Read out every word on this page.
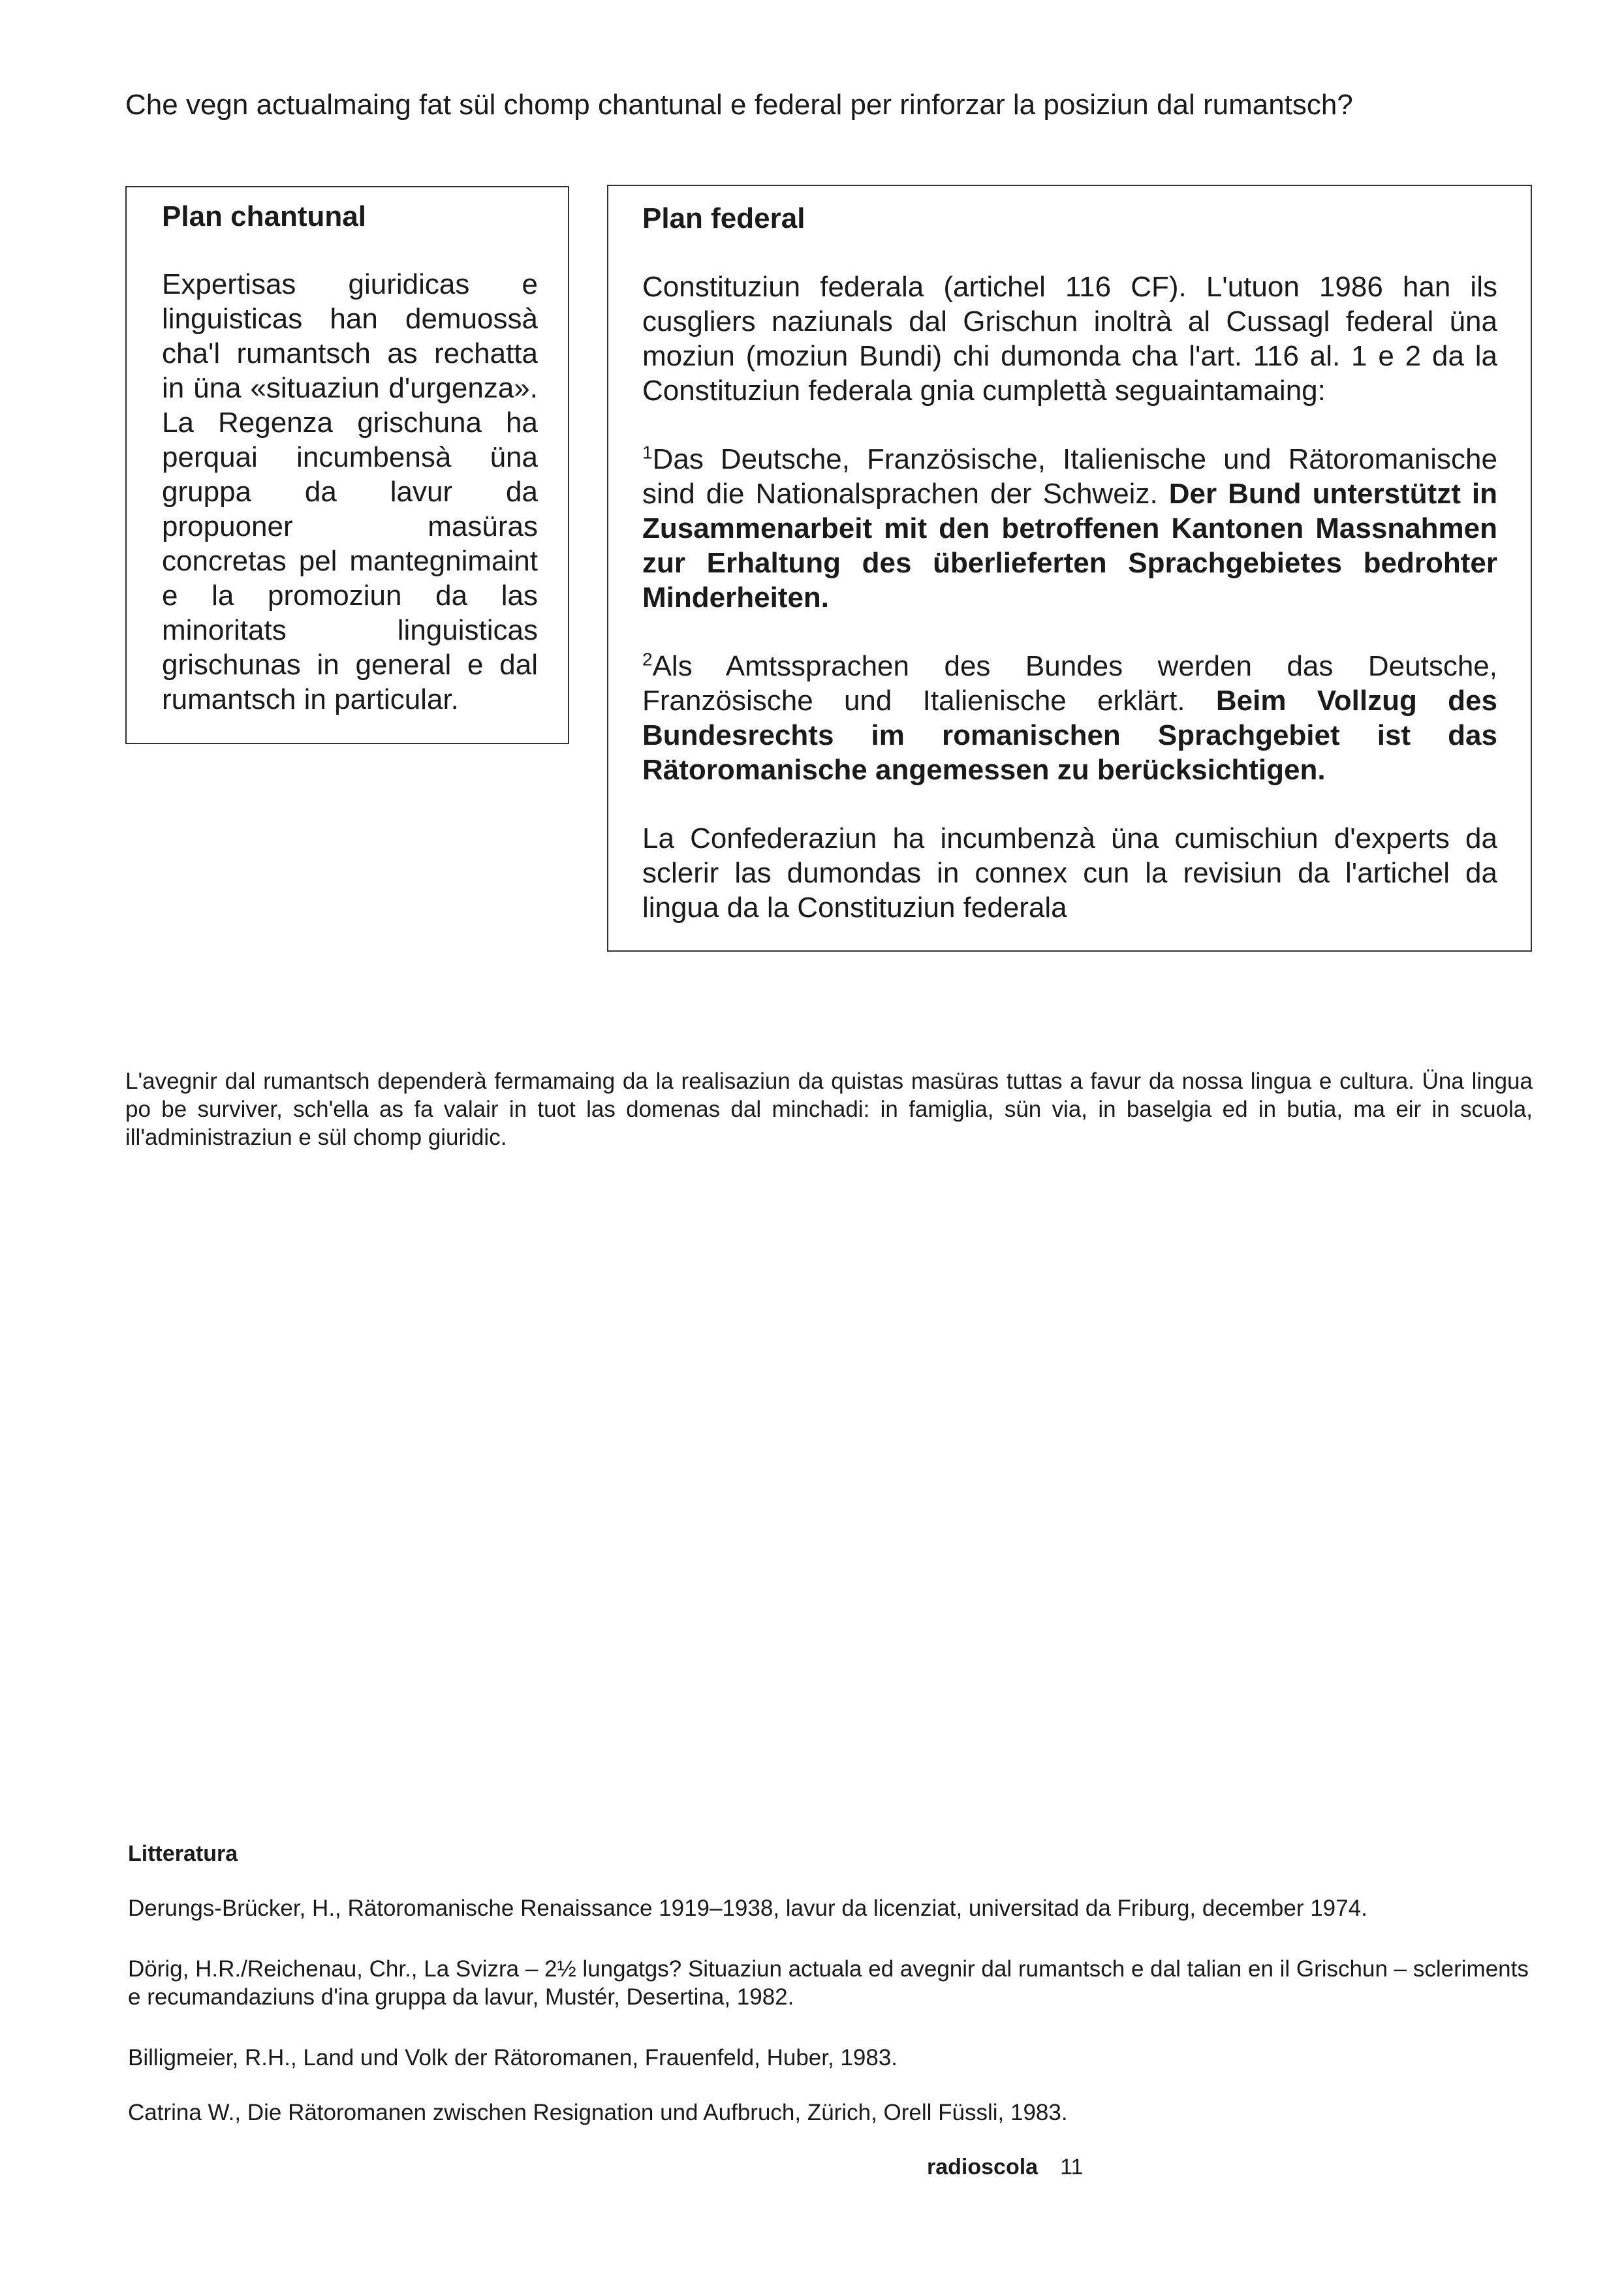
Che vegn actualmaing fat sül chomp chantunal e federal per rinforzar la posiziun dal rumantsch?
Plan chantunal
Expertisas giuridicas e linguisticas han demuossà cha'l rumantsch as rechatta in üna «situaziun d'urgenza». La Regenza grischuna ha perquai incumbensà üna gruppa da lavur da propuoner masüras concretas pel mantegnimaint e la promoziun da las minoritats linguisticas grischunas in general e dal rumantsch in particular.
Plan federal

Constituziun federala (artichel 116 CF). L'utuon 1986 han ils cusgliers naziunals dal Grischun inoltrà al Cussagl federal üna moziun (moziun Bundi) chi dumonda cha l'art. 116 al. 1 e 2 da la Constituziun federala gnia cumplettà seguaintamaing:

$^1$Das Deutsche, Französische, Italienische und Rätoromanische sind die Nationalsprachen der Schweiz. Der Bund unterstützt in Zusammenarbeit mit den betroffenen Kantonen Massnahmen zur Erhaltung des überlieferten Sprachgebietes bedrohter Minderheiten.

$^2$Als Amtssprachen des Bundes werden das Deutsche, Französische und Italienische erklärt. Beim Vollzug des Bundesrechts im romanischen Sprachgebiet ist das Rätoromanische angemessen zu berücksichtigen.

La Confederaziun ha incumbenzà üna cumischiun d'experts da sclerir las dumondas in connex cun la revisiun da l'artichel da lingua da la Constituziun federala

L'avegnir dal rumantsch dependerà fermamaing da la realisaziun da quistas masüras tuttas a favur da nossa lingua e cultura. Üna lingua po be surviver, sch'ella as fa valair in tuot las domenas dal minchadi: in famiglia, sün via, in baselgia ed in butia, ma eir in scuola, ill'administraziun e sül chomp giuridic.
Litteratura
Derungs-Brücker, H., Rätoromanische Renaissance 1919–1938, lavur da licenziat, universitad da Friburg, december 1974.
Dörig, H.R./Reichenau, Chr., La Svizra – 2½ lungatgs? Situaziun actuala ed avegnir dal rumantsch e dal talian en il Grischun – scleriments e recumandaziuns d'ina gruppa da lavur, Mustér, Desertina, 1982.
Billigmeier, R.H., Land und Volk der Rätoromanen, Frauenfeld, Huber, 1983.
Catrina W., Die Rätoromanen zwischen Resignation und Aufbruch, Zürich, Orell Füssli, 1983.
radioscola 11
